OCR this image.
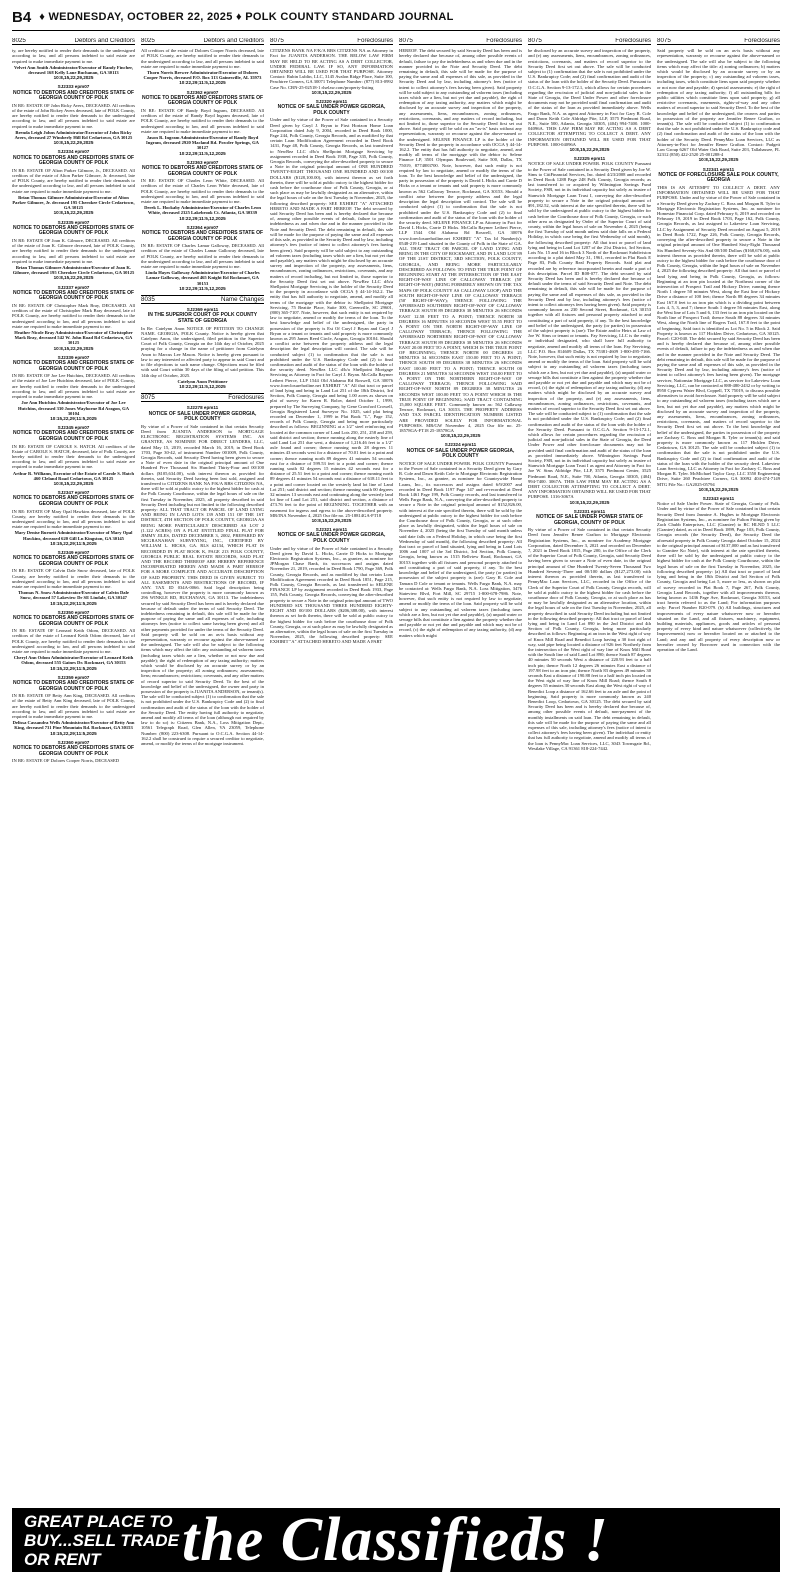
B4 ♦ WEDNESDAY, OCTOBER 22, 2025 ♦ POLK COUNTY STANDARD JOURNAL
8025	Debtors and Creditors
ty, are hereby notified to render their demands to the undersigned according to law, and all persons indebted to said estate are required to make immediate payment to me.
Velvet Ann Smith Administrator/Executor of Randy Fincher, deceased 168 Kelly Lane Buchanan, GA 30113
10:8,15,22,29,2025
SJ2333 epm07
NOTICE TO DEBTORS AND CREDITORS STATE OF GEORGIA COUNTY OF POLK
IN RE: ESTATE OF John Ricky Avers, DECEASED. All creditors of the estate of John Rickey Avers deceased, late of POLK County, are hereby notified to render their demands to the undersigned according to law, and all persons indebted to said estate are required to make immediate payment to me.
Brenda Leigh Johns Administrator/Executor of John Ricky Avers, deceased 27 Wimberly Hill Rd Cedartown, GA 30125
10:8,15,22,29,2025
SJ2334 epm07
NOTICE TO DEBTORS AND CREDITORS STATE OF GEORGIA COUNTY OF POLK
IN RE: ESTATE OF Alton Parker Gilmore, Jr., DECEASED. All creditors of the estate of Alton Parker Gilmore, Jr. deceased, late of POLK County, are hereby notified to render their demands to the undersigned according to law, and all persons indebted to said estate are required to make immediate payment to me.
Brian Thomas Gilmore Administrator/Executor of Alton Parker Gilmore, Jr. deceased 195 Cherokee Circle Cedartown, GA 30125
10:8,15,22,29,2025
SJ2335 epm07
NOTICE TO DEBTORS AND CREDITORS STATE OF GEORGIA COUNTY OF POLK
IN RE: ESTATE OF Joan K. Gilmore, DECEASED. All creditors of the estate of Joan K. Gilmore deceased, late of POLK County, are hereby notified to render their demands to the undersigned according to law, and all persons indebted to said estate are required to make immediate payment to me.
Brian Thomas Gilmore Administrator/Executor of Joan K. Gilmore, deceased 195 Cherokee Circle Cedartown, GA 30125
10:8,15,22,29,2025
SJ2337 epm07
NOTICE TO DEBTORS AND CREDITORS STATE OF GEORGIA COUNTY OF POLK
IN RE: ESTATE OF Christopher Mark Bray, DECEASED. All creditors of the estate of Christopher Mark Bray deceased, late of POLK County, are hereby notified to render their demands to the undersigned according to law, and all persons indebted to said estate are required to make immediate payment to me.
Heather Nicole Bray Administrator/Executor of Christopher Mark Bray, deceased 542 W. John Road Rd Cedartown, GA 30125
10:8,15,22,29,2025
SJ2339 epm07
NOTICE TO DEBTORS AND CREDITORS STATE OF GEORGIA COUNTY OF POLK
IN RE: ESTATE OF Joe Lee Hutchins, DECEASED. All creditors of the estate of Joe Lee Hutchins deceased, late of POLK County, are hereby notified to render their demands to the undersigned according to law, and all persons indebted to said estate are required to make immediate payment to me.
Joe Ann Hutchins Administrator/Executor of Joe Lee Hutchins, deceased 330 Jones Wayborne Rd Aragon, GA 30104
10:15,22,29;11:5,2025
SJ2345 epm07
NOTICE TO DEBTORS AND CREDITORS STATE OF GEORGIA COUNTY OF POLK
IN RE: ESTATE OF CAROLE S. HATCH. All creditors of the Estate of CAROLE S. HATCH, deceased, late of Polk County, are hereby notified to render their demands to the undersigned according to law, and all persons indebted to said estate are required to make immediate payment to me.
Arthur R. Williams, Executor of the Estate of Carole S. Hatch 460 Cleland Road Cedartown, GA 30125
10:8,15,22,29,2025
SJ2347 epm07
NOTICE TO DEBTORS AND CREDITORS STATE OF GEORGIA COUNTY OF POLK
IN RE: ESTATE OF Mary Opal Hawkins deceased, late of POLK County, are hereby notified to render their demands to the undersigned according to law, and all persons indebted to said estate are required to make immediate payment to me.
Mary Denise Burnett Administrator/Executor of Mary Opal Hawkins, deceased 620 Gill Ln Kingston, GA 30145
10:15,22,29;11:5,2025
SJ2349 epm07
NOTICE TO DEBTORS AND CREDITORS STATE OF GEORGIA COUNTY OF POLK
IN RE: ESTATE OF Calvin Dale Snow deceased, late of POLK County, are hereby notified to render their demands to the undersigned according to law, and all persons indebted to said estate are required to make immediate payment to me.
Thomas N. Snow Administrator/Executor of Calvin Dale Snow, deceased 57 Lakeview Dr SE Lindale, GA 30147
10:15,22,29;11:5,2025
SJ2350 epm07
NOTICE TO DEBTORS AND CREDITORS STATE OF GEORGIA COUNTY OF POLK
IN RE: ESTATE OF Leonard Keith Odom, DECEASED. All creditors of the estate of Leonard Keith Odom deceased, late of POLK County, are hereby notified to render their demands to the undersigned according to law, and all persons indebted to said estate are required to make immediate payment to me.
Cheryl Ann Odom Administrator/Executor of Leonard Keith Odom, deceased 555 Gaines Dr. Rockmart, GA 30153
10:15,22,29;11:5,2025
SJ2359 epm07
NOTICE TO DEBTORS AND CREDITORS STATE OF GEORGIA COUNTY OF POLK
IN RE: ESTATE OF Betty Ann King, DECEASED. All creditors of the estate of Betty Ann King deceased, late of POLK County, are hereby notified to render their demands to the undersigned according to law, and all persons indebted to said estate are required to make immediate payment to me.
Delissa Cassandra Wells Administrator/Executor of Betty Ann King, deceased 731 Pine Mountain Rd. Rockmart, GA 30153
10:15,22,29;11:5,2025
SJ2360 epm07
NOTICE TO DEBTORS AND CREDITORS STATE OF GEORGIA COUNTY OF POLK
IN RE: ESTATE OF Dolores Cooper Norris, DECEASED
8025	Debtors and Creditors
All creditors of the estate of Dolores Cooper Norris deceased, late of POLK County, are hereby notified to render their demands to the undersigned according to law, and all persons indebted to said estate are required to make immediate payment to me.
Thorn Norris Brewer Administrator/Executor of Dolores Cooper Norris, deceased P.O. Box 313 Gainesville, AL 35973
10:22,29;11:5,12,2025
SJ2362 epm07
NOTICE TO DEBTORS AND CREDITORS STATE OF GEORGIA COUNTY OF POLK
IN RE: ESTATE OF Randy Boyd Ingram, DECEASED. All creditors of the estate of Randy Boyd Ingram deceased, late of POLK County, are hereby notified to render their demands to the undersigned according to law, and all persons indebted to said estate are required to make immediate payment to me.
Jason R. Ingram Administrator/Executor of Randy Boyd Ingram, deceased 2920 Macland Rd. Powder Springs, GA 30127
10:22,29;11:5,12,2025
SJ2363 epm07
NOTICE TO DEBTORS AND CREDITORS STATE OF GEORGIA COUNTY OF POLK
IN RE: ESTATE OF Charles Leon White, DECEASED. All creditors of the estate of Charles Leon White deceased, late of POLK County, are hereby notified to render their demands to the undersigned according to law, and all persons indebted to said estate are required to make immediate payment to me.
Derek L. Hockaby Administrator/Executor of Charles Leon White, deceased 2325 Lakebrook Ct. Atlanta, GA 30339
10:22,29;11:5,12,2025
SJ2364 epm07
NOTICE TO DEBTORS AND CREDITORS STATE OF GEORGIA COUNTY OF POLK
IN RE: ESTATE OF Charles Lamar Galloway, DECEASED. All creditors of the estate of Charles Lamar Galloway deceased, late of POLK County, are hereby notified to render their demands to the undersigned according to law, and all persons indebted to said estate are required to make immediate payment to me.
Linda Hayes Galloway Administrator/Executor of Charles Lamar Galloway, deceased 465 Knight Rd Rockmart, GA 30153
10:22,29;11:5,12,2025
8035	Name Changes
SJ2369 epm11
IN THE SUPERIOR COURT OF POLK COUNTY STATE OF GEORGIA
In Re: Catelynn Anon NOTICE OF PETITION TO CHANGE NAME. GEORGIA, POLK County. Notice is hereby given that Catelynn Anon, the undersigned, filed petition in the Superior Court of Polk County, Georgia on the 14th day of October, 2025 praying for a change in the name of petitioner from Catelynn Anon to Marcus Lee Mason. Notice is hereby given pursuant to law to any interested or affected party to appear in said Court and to file objections to such name change. Objections must be filed with said Court within 30 days of the filing of said petition. This 14th day of October, 2025.
Catelynn Anon Petitioner
10:22,29;11:5,12,2025
8075	Foreclosures
SJ2278 epm11
NOTICE OF SALE UNDER POWER GEORGIA, POLK COUNTY
By virtue of a Power of Sale contained in that certain Security Deed from JUANITA ANDERSON to MORTGAGE ELECTRONIC REGISTRATION SYSTEMS INC. AS GRANTEE, AS NOMINEE FOR DIRECT LENDERS, LLC, dated May 15, 2019, recorded March 16, 2019, in Deed Book 1703, Page 30-42, of instrument Number 001009, Polk County, Georgia Records, said Security Deed having been given to secure a Note of even date in the original principal amount of One Hundred Five Thousand Six Hundred Thirty-Four and 00/100 dollars ($105,634.00), with interest thereon as provided for therein, said Security Deed having been last sold, assigned and transferred to CITIZENS BANK NA F/K/A RBS CITIZENS NA, there will be sold at public outcry to the highest bidder for cash at the Polk County Courthouse, within the legal hours of sale on the first Tuesday in November, 2025, all property described in said Security Deed including but not limited to the following described property: ALL THAT TRACT OR PARCEL OF LAND LYING AND BEING IN LAND LOTS 139 AND 151 OF THE 1ST DISTRICT, 4TH SECTION OF POLK COUNTY, GEORGIA AS BEING MORE PARTICULARLY DESCRIBED AS LOT 2 (1.122 ACRES) ON A PLAT ENTITLED FINAL PLAT FOR JIMMY JILES, DATED DECEMBER 3, 2002, PREPARED BY MCGRANAHAN SURVEYING, INC., CERTIFIED BY WILLIAM L. HICKS, GA. RLS #2134, WHICH PLAT IS RECORDED IN PLAT BOOK K, PAGE 213 POLK COUNTY, GEORGIA PUBLIC REAL ESTATE RECORDS, SAID PLAT AND THE RECORD THEREOF ARE HEREBY REFERENCE INCORPORATED HEREIN AND MADE A PART HEREOF FOR A MORE COMPLETE AND ACCURATE DESCRIPTION OF SAID PROPERTY. THIS DEED IS GIVEN SUBJECT TO ALL EASEMENTS AND RESTRICTIONS OF RECORD, IF ANY. TAX ID 034A-0066. Said legal description being controlling, however the property is more commonly known as 296 WINKLE RD, BUCHANAN, GA 30113. The indebtedness secured by said Security Deed has been and is hereby declared due because of default under the terms of said Security Deed. The indebtedness remaining in default, this sale will be made for the purpose of paying the same and all expenses of sale, including attorneys fees (notice to collect same having been given) and all other payments provided for under the terms of the Security Deed. Said property will be sold on an as-is basis without any representation, warranty or recourse against the above-named or the undersigned. The sale will also be subject to the following items which may affect the title: any outstanding ad valorem taxes (including taxes which are a lien, whether or not now due and payable); the right of redemption of any taxing authority; matters which would be disclosed by an accurate survey or by an inspection of the property; all zoning ordinances; assessments; liens; encumbrances; restrictions; covenants, and any other matters of record superior to said Security Deed. To the best of the knowledge and belief of the undersigned, the owner and party in possession of the property is JUANITA ANDERSON, or tenant(s). The sale will be conducted subject (1) to confirmation that the sale is not prohibited under the U.S. Bankruptcy Code and (2) to final confirmation and audit of the status of the loan with the holder of the Security Deed. The entity having full authority to negotiate, amend and modify all terms of the loan (although not required by law to do so) is: Citizens Bank, N.A., Loss Mitigation Dept., 10561 Telegraph Road, Glen Allen, VA 23059, Telephone Number: (800) 223-6308. Pursuant to O.C.G.A. Section 44-14-162.2 shall be construed to require a secured creditor to negotiate, amend, or modify the terms of the mortgage instrument.
8075	Foreclosures
CITIZENS BANK NA F/K/A RBS CITIZENS NA as Attorney in Fact for JUANITA ANDERSON. THE BELOW LAW FIRM MAY BE HELD TO BE ACTING AS A DEBT COLLECTOR, UNDER FEDERAL LAW. IF SO, ANY INFORMATION OBTAINED WILL BE USED FOR THAT PURPOSE. Attorney Contact: Rubin Lublin, LLC, 3145 Avalon Ridge Place, Suite 100, Peachtree Corners, GA 30071 Telephone Number: (877) 813-0992 Case No. CBN-25-02518-1 rlselaw.com/property-listing
10:8,15,22,29,2025
SJ2320 epm11
NOTICE OF SALE UNDER POWER GEORGIA, POLK COUNTY
Under and by virtue of the Power of Sale contained in a Security Deed given by Caryl J. Bryan to First Horizon Home Loan Corporation dated July 9, 2004, recorded in Deed Book 1000, Page 244, Polk County, Georgia Records, and as modified by that certain Loan Modification Agreement recorded in Deed Book 1431, Page 48, Polk County, Georgia Records, as last transferred to NewRez LLC d/b/a Shellpoint Mortgage Servicing by assignment recorded in Deed Book 1938, Page 335, Polk County, Georgia Records, conveying the after-described property to secure a Note in the original principal amount of ONE HUNDRED TWENTY-EIGHT THOUSAND ONE HUNDRED AND 00/100 DOLLARS ($128,100.00), with interest thereon as set forth therein, there will be sold at public outcry to the highest bidder for cash before the courthouse door of Polk County, Georgia, or at such place as may be lawfully designated as an alternative, within the legal hours of sale on the first Tuesday in November, 2025, the following described property: SEE EXHIBIT "A" ATTACHED HERETO AND MADE A PART HEREOF. The debt secured by said Security Deed has been and is hereby declared due because of, among other possible events of default, failure to pay the indebtedness as and when due and in the manner provided in the Note and Security Deed. The debt remaining in default, this sale will be made for the purpose of paying the same and all expenses of this sale, as provided in the Security Deed and by law, including attorney's fees (notice of intent to collect attorney's fees having been given). Said property will be sold subject to any outstanding ad valorem taxes (including taxes which are a lien, but not yet due and payable), any matters which might be disclosed by an accurate survey and inspection of the property, any assessments, liens, encumbrances, zoning ordinances, restrictions, covenants, and any matters of record including, but not limited to, those superior to the Security Deed first set out above. NewRez LLC d/b/a Shellpoint Mortgage Servicing is the holder of the Security Deed to the property in accordance with OCGA § 44-14-162.2. The entity that has full authority to negotiate, amend, and modify all terms of the mortgage with the debtor is: Shellpoint Mortgage Servicing, 75 Beattie Place, Suite 300, Greenville, SC 29601, (800) 365-7107. Note, however, that such entity is not required by law to negotiate, amend or modify the terms of the loan. To the best knowledge and belief of the undersigned, the party in possession of the property is Est Of Caryl J Bryan and Caryl J Bryan or a tenant or tenants and said property is more commonly known as 295 James Reed Circle, Aragon, Georgia 30104. Should a conflict arise between the property address and the legal description the legal description will control. The sale will be conducted subject (1) to confirmation that the sale is not prohibited under the U.S. Bankruptcy Code and (2) to final confirmation and audit of the status of the loan with the holder of the security deed. NewRez LLC d/b/a Shellpoint Mortgage Servicing as Attorney in Fact for Caryl J. Bryan. McCalla Raymer Leibert Pierce, LLP 1544 Old Alabama Rd Roswell, GA 30076 www.foreclosurehotline.net EXHIBIT "A" All that tract or parcel of land lying and being in Land Lot 251 of the 18th District, 3rd Section, Polk County, Georgia and being 1.00 acres as shown on plat of survey for Karen R. Bolov, dated October 1, 1999, prepared by The Surveying Company, by Gene Crawford Crowell, Georgia Registered Land Surveyor No. 1025, said plat being recorded on December 1, 1999 in Plat Book "L", Page 152, records of Polk County, Georgia and being more particularly described as follows: BEGINNING at a 1/2" steel reinforcing rod located at the common corner of Land Lots 250, 251, 258 and 259, said district and section; thence running along the easterly line of said Land Lot 251 due west, a distance of 1,216.46 feet to a 1/2" axle found and corner; thence running north 28 degrees 11 minutes 43 seconds west for a distance of 70.01 feet to a point and corner; thence running north 89 degrees 41 minutes 54 seconds east for a distance of 599.53 feet to a point and corner; thence running south 02 degrees 15 minutes 42 seconds east for a distance of 25.51 feet to a point and corner; thence running north 89 degrees 41 minutes 54 seconds east a distance of 618.11 feet to a point and corner located on the westerly land lot line of Land Lot 251; said district and section; thence running south 00 degrees 32 minutes 13 seconds east and continuing along the westerly land lot line of Land Lot 251, said district and section, a distance of 473.76 feet to the point of BEGINNING. TOGETHER with an easement for ingress and egress to the above-described property. MR/INA November 4, 2025 Our file no. 25-18814GA-FT18
10:8,15,22,29,2025
SJ2321 epm11
NOTICE OF SALE UNDER POWER GEORGIA, POLK COUNTY
Under and by virtue of the Power of Sale contained in a Security Deed given by David L. Hicks, Carrie D Hicks to Mortgage Electronic Registration Systems, Inc., as grantee, as nominee for JPMorgan Chase Bank, its successors and assigns dated November 21, 2019, recorded in Deed Book 1790, Page 369, Polk County, Georgia Records, and as modified by that certain Loan Modification Agreement recorded in Deed Book 1851, Page 215, Polk County, Georgia Records, as last transferred to SELENE FINANCE LP by assignment recorded in Deed Book 1933, Page 155, Polk County, Georgia Records, conveying the after-described property to secure a Note in the original principal amount of TWO HUNDRED SIX THOUSAND THREE HUNDRED EIGHTY-EIGHT AND 00/100 DOLLARS ($206,388.00), with interest thereon as set forth therein, there will be sold at public outcry to the highest bidder for cash before the courthouse door of Polk County, Georgia, or at such place as may be lawfully designated as an alternative, within the legal hours of sale on the first Tuesday in November, 2025, the following described property: SEE EXHIBIT "A" ATTACHED HERETO AND MADE A PART
8075	Foreclosures
HEREOF. The debt secured by said Security Deed has been and is hereby declared due because of, among other possible events of default, failure to pay the indebtedness as and when due and in the manner provided in the Note and Security Deed. The debt remaining in default, this sale will be made for the purpose of paying the same and all expenses of this sale, as provided in the Security Deed and by law, including attorney's fees (notice of intent to collect attorney's fees having been given). Said property will be sold subject to any outstanding ad valorem taxes (including taxes which are a lien, but not yet due and payable), the right of redemption of any taxing authority, any matters which might be disclosed by an accurate survey and inspection of the property, any assessments, liens, encumbrances, zoning ordinances, restrictions, covenants, and any matters of record including, but not limited to, those superior to the Security Deed first set out above. Said property will be sold on an "as-is" basis without any representation, warranty or recourse against the above-named or the undersigned. SELENE FINANCE LP is the holder of the Security Deed to the property in accordance with OCGA § 44-14-162.2. The entity that has full authority to negotiate, amend, and modify all terms of the mortgage with the debtor is: Selene Finance LP, 3501 Olympus Boulevard, Suite 500, Dallas, TX 75019, 8774883700. Note, however, that such entity is not required by law to negotiate, amend or modify the terms of the loan. To the best knowledge and belief of the undersigned, the party in possession of the property is David L Hicks and Carrie D Hicks or a tenant or tenants and said property is more commonly known as 562 Callaway Terrace, Rockmart, GA 30153. Should a conflict arise between the property address and the legal description the legal description will control. The sale will be conducted subject (1) to confirmation that the sale is not prohibited under the U.S. Bankruptcy Code and (2) to final confirmation and audit of the status of the loan with the holder of the security deed. SELENE FINANCE LP as Attorney in Fact for David L Hicks, Carrie D Hicks. McCalla Raymer Leibert Pierce, LLP 1544 Old Alabama Rd Roswell, GA 30076 www.foreclosurehotline.net EXHIBIT "A" Tax Id Number(s): 0548-219 Land situated in the County of Polk in the State of GA. ALL THAT TRACT OR PARCEL OF LAND LYING AND BEING IN THE CITY OF ROCKMART, AND IN LAND LOT 89 OF THE 21ST DISTRICT, 3RD SECTION, POLK COUNTY, GEORGIA, AND BEING MORE PARTICULARLY DESCRIBED AS FOLLOWS: TO FIND THE TRUE POINT OF BEGINNING START AT THE INTERSECTION OF THE EAST RIGHT-OF-WAY LINE OF CALLOWAY TERRACE (50' RIGHT-OF-WAY) (BEING FORMERLY SHOWN ON THE TAX MAPS OF POLK COUNTY AS CALLOWAY LOOP) AND THE SOUTH RIGHT-OF-WAY LINE OF CALLOWAY TERRACE (50' RIGHT-OF-WAY); THENCE FOLLOWING THE AFORESAID SOUTHERN RIGHT-OF-WAY OF CALLOWAY TERRACE SOUTH 89 DEGREES 38 MINUTES 26 SECONDS EAST 12.58 FEET TO A POINT; THENCE NORTH 38 DEGREES 16 MINUTES 10 SECONDS WEST 55.55 FEET TO A POINT ON THE NORTH RIGHT-OF-WAY LINE OF CALLOWAY TERRACE; THENCE FOLLOWING THE AFORESAID NORTHERN RIGHT-OF-WAY OF CALLOWAY TERRACE SOUTH 89 DEGREES 38 MINUTES 26 SECONDS EAST 20.00 FEET TO A POINT, WHICH IS THE TRUE POINT OF BEGINNING; THENCE NORTH 00 DEGREES 21 MINUTES 34 SECONDS EAST 150.00 FEET TO A POINT; THENCE SOUTH 89 DEGREES 38 MINUTES 26 SECONDS EAST 100.00 FEET TO A POINT; THENCE SOUTH 00 DEGREES 21 MINUTES 34 SECONDS WEST 150.00 FEET TO A POINT ON THE NORTHERN RIGHT-OF-WAY OF CALLOWAY TERRACE; THENCE FOLLOWING SAID RIGHT-OF-WAY NORTH 89 DEGREES 38 MINUTES 26 SECONDS WEST 100.00 FEET TO A POINT WHICH IS THE TRUE POINT OF BEGINNING; SAID TRACT CONTAINING 15,000 SQUARE FEET. Commonly known as: 562 Callaway Terrace, Rockmart, GA 30153. THE PROPERTY ADDRESS AND TAX PARCEL IDENTIFICATION NUMBER LISTED ARE PROVIDED SOLELY FOR INFORMATIONAL PURPOSES. MR/GW November 4, 2025 Our file no. 25-18578GA-FT18 25-18578GA
10:8,15,22,29,2025
SJ2324 epm11
NOTICE OF SALE UNDER POWER GEORGIA, POLK COUNTY
NOTICE OF SALE UNDER POWER. POLK COUNTY Pursuant to the Power of Sale contained in a Security Deed given by Gary R. Cole and Dawn Keith Cole to Mortgage Electronic Registration Systems, Inc., as grantee, as nominee for Countrywide Home Loans, Inc., its successors and assigns dated 6/9/2007 and recorded in Deed Book 1197 Page 147 and re-recorded at Deed Book 1461 Page 199, Polk County records, and last transferred to Wells Fargo Bank, N.A., conveying the after-described property to secure a Note in the original principal amount of $152,826.00, with interest at the rate specified therein, there will be sold by the undersigned at public outcry to the highest bidder for cash before the Courthouse door of Polk County, Georgia, or at such other place as lawfully designated, within the legal hours of sale on November 4, 2025 (being the first Tuesday of said month unless said date falls on a Federal Holiday, in which case being the first Wednesday of said month), the following described property: All that tract or parcel of land situated, lying and being in Land Lots 1006 and 1007 of the 3rd District, 3rd Section, Polk County, Georgia, being known as 1515 Bellview Road, Rockmart, GA 30153 together with all fixtures and personal property attached to and constituting a part of said property, if any. To the best knowledge and belief of the undersigned, the party (or parties) in possession of the subject property is (are): Gary R. Cole and Tamara D Cole or tenant or tenants. Wells Fargo Bank, N.A. may be contacted at: Wells Fargo Bank, N.A. Loss Mitigation, 3476 Stateview Blvd, Fort Mill, SC 29715 1-800-678-7986. Note, however, that such entity is not required by law to negotiate, amend or modify the terms of the loan. Said property will be sold subject to any outstanding ad valorem taxes (including taxes which are a lien, but not yet due and payable), (a) unpaid water or sewage bills that constitute a lien against the property whether due and payable or not yet due and payable and which may not be of record, (c) the right of redemption of any taxing authority, (d) any matters which might
8075	Foreclosures
be disclosed by an accurate survey and inspection of the property, and (e) any assessments, liens, encumbrances, zoning ordinances, restrictions, covenants, and matters of record superior to the Security Deed first set out above. The sale will be conducted subject to (1) confirmation that the sale is not prohibited under the U.S. Bankruptcy Code; and (2) final confirmation and audit of the status of the loan with the holder of the Security Deed. Pursuant to O.C.G.A. Section 9-13-172.1, which allows for certain procedures regarding the rescission of judicial and non-judicial sales in the State of Georgia, the Deed Under Power and other foreclosure documents may not be provided until final confirmation and audit of the status of the loan as provided immediately above. Wells Fargo Bank, N.A. as agent and Attorney in Fact for Gary R. Cole and Dawn Keith Cole Aldridge Pite, LLP, 3575 Piedmont Road, N.E., Suite 500, Atlanta, Georgia 30305, (404) 994-7400. 1000-04096A. THIS LAW FIRM MAY BE ACTING AS A DEBT COLLECTOR ATTEMPTING TO COLLECT A DEBT. ANY INFORMATION OBTAINED WILL BE USED FOR THAT PURPOSE. 1000-04096A
10:8,15,22,29,2025
SJ2325 epm11
NOTICE OF SALE UNDER POWER. POLK COUNTY Pursuant to the Power of Sale contained in a Security Deed given by Joe W. Sims to CitiFinancial Services, Inc. dated 4/23/2008 and recorded in Deed Book 1288 Page 248 Polk County, Georgia records; as last transferred to or acquired by Wilmington Savings Fund Society, FSB, not in its individual capacity but solely as trustee of Stanwich Mortgage Loan Trust I, conveying the after-described property to secure a Note in the original principal amount of $91,182.52, with interest at the rate specified therein, there will be sold by the undersigned at public outcry to the highest bidder for cash before the Courthouse door of Polk County, Georgia, or such other area as designated by Order of the Superior Court of said county, within the legal hours of sale on November 4, 2025 (being the first Tuesday of said month unless said date falls on a Federal Holiday, in which case being the first Wednesday of said month), the following described property: All that tract or parcel of land lying and being in Land Lot 1207 of the 21st District, 3rd Section, Lots No. 15 and 16 in Block 3 North of the Rockmart Subdivision according to a plat dated May 31, 1961, recorded in Plat Book E Page 83, Polk County Real Property Records. Said plat and recorded are by reference incorporated herein and made a part of this description. Parcel ID R08-077. The debt secured by said Security Deed has been and is hereby declared due because of default under the terms of said Security Deed and Note. The debt remaining in default, this sale will be made for the purpose of paying the same and all expenses of this sale, as provided in the Security Deed and by law, including attorney's fees (notice of intent to collect attorneys fees having been given). Said property is commonly known as 230 Second Street, Rockmart, GA 30153 together with all fixtures and personal property attached to and constituting a part of said property, if any. To the best knowledge and belief of the undersigned, the party (or parties) in possession of the subject property is (are): The Estate and/or Heirs at Law of Joe W. Sims or tenant or tenants. Fay Servicing, LLC is the entity or individual designated, who shall have full authority to negotiate, amend and modify all terms of the loan. Fay Servicing, LLC P.O. Box 814609 Dallas, TX 75381-4609 1-800-495-7166. Note, however, that such entity is not required by law to negotiate, amend or modify the terms of the loan. Said property will be sold subject to any outstanding ad valorem taxes (including taxes which are a lien, but not yet due and payable), (a) unpaid water or sewage bills that constitute a lien against the property whether due and payable or not yet due and payable and which may not be of record, (c) the right of redemption of any taxing authority, (d) any matters which might be disclosed by an accurate survey and inspection of the property, and (e) any assessments, liens, encumbrances, zoning ordinances, restrictions, covenants, and matters of record superior to the Security Deed first set out above. The sale will be conducted subject to (1) confirmation that the sale is not prohibited under the U.S. Bankruptcy Code; and (2) final confirmation and audit of the status of the loan with the holder of the Security Deed. Pursuant to O.C.G.A. Section 9-13-172.1, which allows for certain procedures regarding the rescission of judicial and non-judicial sales in the State of Georgia, the Deed Under Power and other foreclosure documents may not be provided until final confirmation and audit of the status of the loan as provided immediately above. Wilmington Savings Fund Society, FSB, not in its individual capacity but solely as trustee of Stanwich Mortgage Loan Trust I as agent and Attorney in Fact for Joe W. Sims Aldridge Pite, LLP, 3575 Piedmont Center, 3525 Piedmont Road, N.E., Suite 700, Atlanta, Georgia 30305, (404) 994-7400. 3067A. THIS LAW FIRM MAY BE ACTING AS A DEBT COLLECTOR ATTEMPTING TO COLLECT A DEBT. ANY INFORMATION OBTAINED WILL BE USED FOR THAT PURPOSE. 1316-3067A
10:8,15,22,29,2025
SJ2331 epm11
NOTICE OF SALE UNDER POWER STATE OF GEORGIA, COUNTY OF POLK
By virtue of a Power of Sale contained in that certain Security Deed from Jennifer Renee Grafton to Mortgage Electronic Registration Systems, Inc., as nominee for Academy Mortgage Corporation, dated December 3, 2021 and recorded on December 7, 2021 in Deed Book 1815, Page 200, in the Office of the Clerk of the Superior Court of Polk County, Georgia, said Security Deed having been given to secure a Note of even date, in the original principal amount of One Hundred Twenty-Seven Thousand Two Hundred Seventy-Three and 00/100 dollars ($127,273.00) with interest thereon as provided therein, as last transferred to PennyMac Loan Services, LLC, recorded in the Office of the Clerk of the Superior Court of Polk County, Georgia records, will be sold at public outcry to the highest bidder for cash before the courthouse door of Polk County, Georgia, or at such place as has or may be lawfully designated as an alternative location, within the legal hours of sale on the first Tuesday in November, 2025, all property described in said Security Deed including but not limited to the following described property: All that tract or parcel of land lying and being in Land Lot 890 in the 2nd District and 4th Section of Polk County, Georgia, being more particularly described as follows: Beginning at an iron in the West right of way of Knox Mill Road and Benedict Loop having a 30 foot right of way, said pipe being located a distance of 926 feet Northerly from the intersection of the West right of way line of Knox Mill Road with the South line of said Land Lot 890; thence South 87 degrees 40 minutes 50 seconds West a distance of 220.93 feet to a half inch pin; thence North 12 degrees 26 minutes East a distance of 197.98 feet to an iron pin; thence North 83 degrees 49 minutes 30 seconds East a distance of 190.88 feet to a half inch pin located on the West right of way line of Knox Mill Road; thence South 8 degrees 55 minutes 30 seconds East along the West right of way of Benedict Loop a distance of 162.66 feet to an axle and the point of beginning. Said property is more commonly known as 240 Benedict Loop, Cedartown, GA 30125. The debt secured by said Security Deed has been and is hereby declared due because of, among other possible events of default, non-payment of the monthly installments on said loan. The debt remaining in default, this sale will be made for the purpose of paying the same and all expenses of this sale, including attorney's fees (notice of intent to collect attorney's fees having been given). The individual or entity that has full authority to negotiate, amend and modify all terms of the loan is PennyMac Loan Services, LLC, 3043 Townsgate Rd., Westlake Village, CA 91361 818-224-7442.
8075	Foreclosures
Said property will be sold on an as-is basis without any representation, warranty or recourse against the above-named or the undersigned. The sale will also be subject to the following items which may affect the title: a) zoning ordinances; b) matters which would be disclosed by an accurate survey or by an inspection of the property; c) any outstanding ad valorem taxes, including taxes, which constitute liens upon said property whether or not now due and payable; d) special assessments; e) the right of redemption of any taxing authority; f) all outstanding bills for public utilities which constitute liens upon said property; g) all restrictive covenants, easements, rights-of-way and any other matters of record superior to said Security Deed. To the best of the knowledge and belief of the undersigned, the owners and parties in possession of the property are Jennifer Renee Grafton, or tenant(s). The sale will be conducted subject (1) to confirmation that the sale is not prohibited under the U.S. Bankruptcy code and (2) final confirmation and audit of the status of the loan with the holder of the Security Deed. PennyMac Loan Services, LLC as Attorney-in-Fact for Jennifer Renee Grafton. Contact: Padgett Law Group 6267 Old Water Oak Road, Suite 203, Tallahassee, FL 32312 (850) 422-2520 25-001288-4
10:8,15,22,29,2025
SJ2341 epm11
NOTICE OF FORECLOSURE SALE POLK COUNTY, GEORGIA
THIS IS AN ATTEMPT TO COLLECT A DEBT. ANY INFORMATION OBTAINED WILL BE USED FOR THAT PURPOSE. Under and by virtue of the Power of Sale contained in a Security Deed given by Zachary C. Ross and Morgan R. Tyler to Mortgage Electronic Registration Systems, Inc. as nominee for Homestar Financial Corp. dated February 6, 2019 and recorded on February 19, 2019 in Deed Book 1703, Page 162, Polk County, Georgia Records, as last assigned to Lakeview Loan Servicing, LLC by Assignment of Security Deed recorded on August 5, 2019 in Deed Book 1722, Page 226, Polk County, Georgia Records, conveying the after-described property to secure a Note in the original principal amount of One Hundred Sixty-Eight Thousand Six Hundred Seventy-Six And 00/100 Dollars ($168,676.00), with interest thereon as provided therein, there will be sold at public outcry to the highest bidder for cash before the courthouse door of Polk County, Georgia, within the legal hours of sale on November 4, 2025 the following described property: All that tract or parcel of land lying and being in Polk County, Georgia, as follows: Beginning at an iron pin located at the Northeast corner of the intersection of Prospect Trail and Hickory Drive; running thence North 1 degree 50 minutes West, along the East line of Hickory Drive a distance of 100 feet; thence North 88 degrees 34 minutes East 167.8 feet to an iron pin which is a dividing point between Lots 4, 5, 3, and 7; thence South 1 degree 56 minutes East, along the West line of Lots 5 and 6, 133 feet to an iron pin located on the North line of Prospect Trail; thence South 88 degrees 34 minutes West, along the North line of Rogers Trail, 167.8 feet to the point of beginning. Said tract is identified as Lot No. 5 in Block 2. Said Property is known as 117 Hicklen Drive, Cedartown, GA 30125. Parcel: C20-040. The debt secured by said Security Deed has been and is hereby declared due because of, among other possible events of default, failure to pay the indebtedness as and when due and in the manner provided in the Note and Security Deed. The debt remaining in default, this sale will be made for the purpose of paying the same and all expenses of this sale, as provided in the Security Deed and by law, including attorney's fees (notice of intent to collect attorney's fees having been given). The mortgage servicer, Nationstar Mortgage LLC, as servicer for Lakeview Loan Servicing, LLC, can be contacted at 888-480-2432 or by writing to 8950 Cypress Water Blvd, Coppell, TX 75019, to discuss possible alternatives to avoid foreclosure. Said property will be sold subject to any outstanding ad valorem taxes (including taxes which are a lien, but not yet due and payable), any matters which might be disclosed by an accurate survey and inspection of the property, any assessments, liens, encumbrances, zoning ordinances, restrictions, covenants, and matters of record superior to the Security Deed first set out above. To the best knowledge and belief of the undersigned, the parties in possession of the property are Zachary C. Ross and Morgan R. Tyler or tenant(s); and said property is more commonly known as 117 Hicklen Drive, Cedartown, GA 30125. The sale will be conducted subject (1) to confirmation that the sale is not prohibited under the U.S. Bankruptcy Code and (2) to final confirmation and audit of the status of the loan with the holder of the security deed. Lakeview Loan Servicing, LLC as Attorney in Fact for Zachary C. Ross and Morgan R. Tyler. McMichael Taylor Gray, LLC 3550 Engineering Drive, Suite 260 Peachtree Corners, GA 30092 404-474-7149 MTG File No.: GA2025-05794
10:8,15,22,29,2025
SJ2343 epm11
Notice of Sale Under Power. State of Georgia, County of Polk. Under and by virtue of the Power of Sale contained in that certain Security Deed from Jasmine A. Hughes to Mortgage Electronic Registration Systems, Inc., as nominee for Fulton Fitting given by Zach Chubb Enterprises, LLC (Grantee) to RC HLND 5 LLC (Grantee) dated, as ot in Deed Book 1899, Page 103, Polk County, Georgia records (the Security Deed), the Security Deed the aforesaid property in Polk County Georgia dated October 15, 2024 to the original principal amount of $137,000 and as last transferred to Granitee Ko Note), with interest at the rate specified therein, there will be sold by the undersigned at public outcry to the highest bidder for cash at the Polk County Courthouse, within the legal hours of sale on the first Tuesday in November, 2025, the following described property: (a) All that tract or parcel of land lying and being in the 18th District and 3rd Section of Polk County, Georgia and being Lot 5, more or less, as shown on plat of survey recorded in Plat Book 7, Page 267, Polk County, Georgia Land Records, together with all improvements thereon, being known as 1436 Page Ave, Rockmart, Georgia 30153, said tract herein referred to as the Land; For information purposes only: Parcel Number R20-079. (b) All buildings, structures and improvements of every nature whatsoever now or hereafter situated on the Land, and all fixtures, machinery, equipment, building materials, appliances, goods and articles of personal property of every kind and nature whatsoever (collectively, the Improvements) now or hereafter located on or attached to the Land; and any and all property of every description now or hereafter owned by Borrower used in connection with the operation of the Land.
GREAT PLACE TO BUY...SELL TRADE OR RENT	the Classifieds !
